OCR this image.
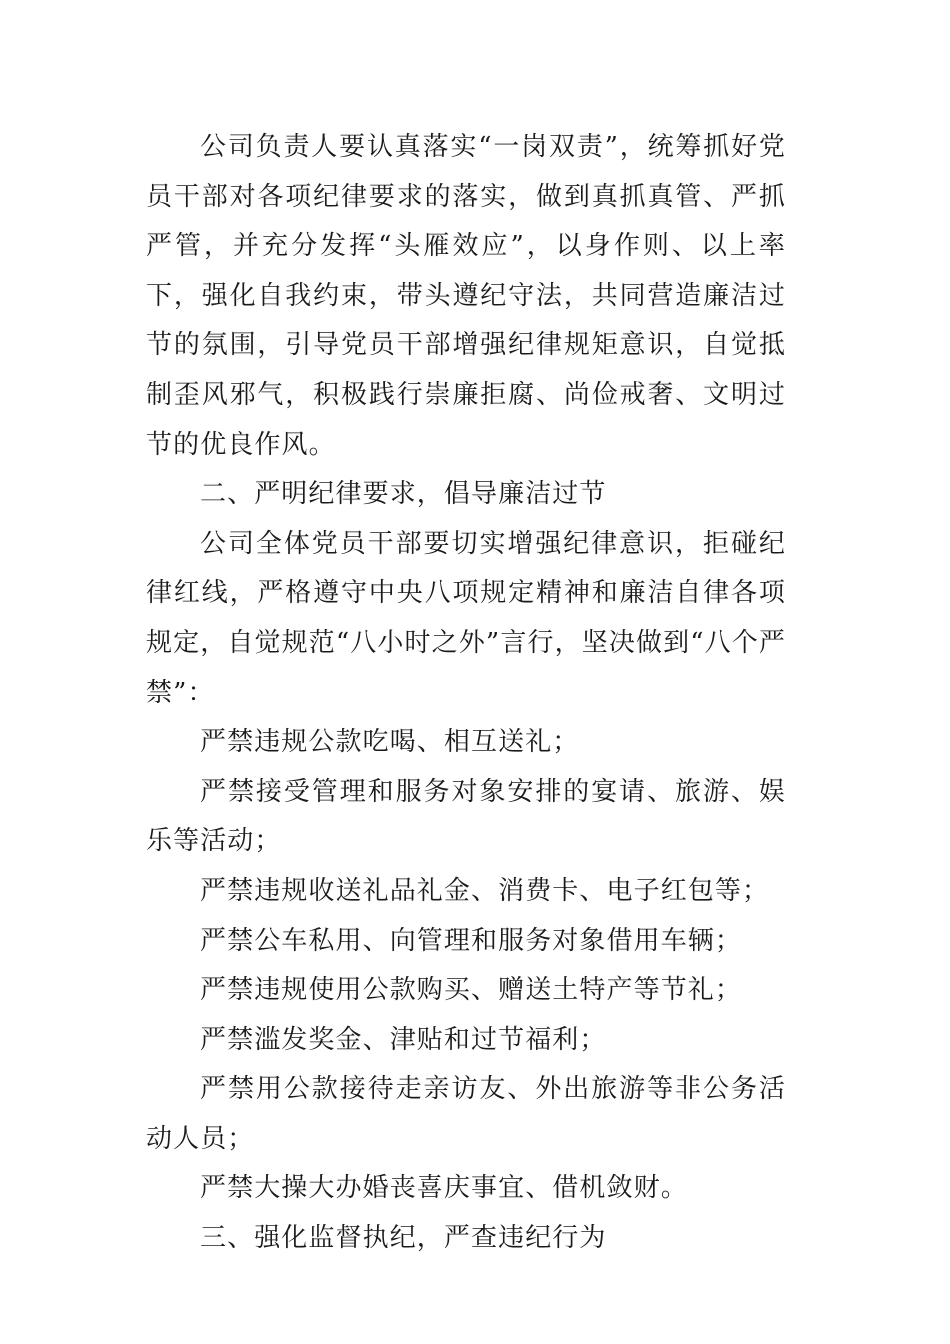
公司负责人要认真落实“一岗双责”，统筹抓好党员干部对各项纪律要求的落实，做到真抓真管、严抓严管，并充分发挥“头雁效应”，以身作则、以上率下，强化自我约束，带头遵纪守法，共同营造廉洁过节的氛围，引导党员干部增强纪律规矩意识，自觉抵制歪风邪气，积极践行崇廉拒腐、尚俭戒奢、文明过节的优良作风。

二、严明纪律要求，倡导廉洁过节

公司全体党员干部要切实增强纪律意识，拒碰纪律红线，严格遵守中央八项规定精神和廉洁自律各项规定，自觉规范“八小时之外”言行，坚决做到“八个严禁”：

严禁违规公款吃喝、相互送礼；

严禁接受管理和服务对象安排的宴请、旅游、娱乐等活动；

严禁违规收送礼品礼金、消费卡、电子红包等；

严禁公车私用、向管理和服务对象借用车辆；

严禁违规使用公款购买、赠送土特产等节礼；

严禁滥发奖金、津贴和过节福利；

严禁用公款接待走亲访友、外出旅游等非公务活动人员；

严禁大操大办婚丧喜庆事宜、借机敛财。

三、强化监督执纪，严查违纪行为
